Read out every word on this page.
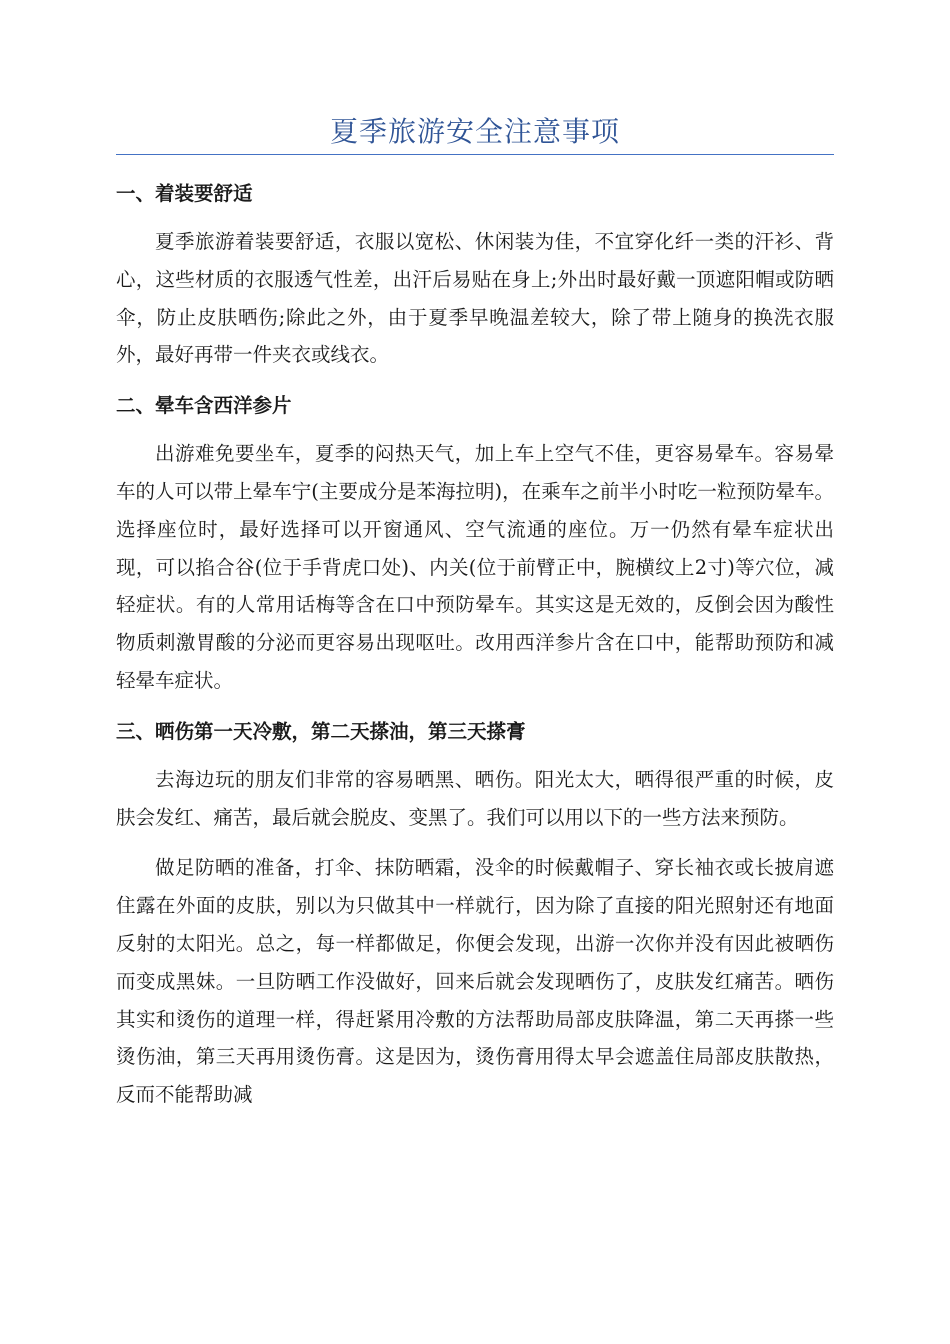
夏季旅游安全注意事项
一、着装要舒适

夏季旅游着装要舒适，衣服以宽松、休闲装为佳，不宜穿化纤一类的汗衫、背心，这些材质的衣服透气性差，出汗后易贴在身上;外出时最好戴一顶遮阳帽或防晒伞，防止皮肤晒伤;除此之外，由于夏季早晚温差较大，除了带上随身的换洗衣服外，最好再带一件夹衣或线衣。

二、晕车含西洋参片

出游难免要坐车，夏季的闷热天气，加上车上空气不佳，更容易晕车。容易晕车的人可以带上晕车宁(主要成分是苯海拉明)，在乘车之前半小时吃一粒预防晕车。选择座位时，最好选择可以开窗通风、空气流通的座位。万一仍然有晕车症状出现，可以掐合谷(位于手背虎口处)、内关(位于前臂正中，腕横纹上2寸)等穴位，减轻症状。有的人常用话梅等含在口中预防晕车。其实这是无效的，反倒会因为酸性物质刺激胃酸的分泌而更容易出现呕吐。改用西洋参片含在口中，能帮助预防和减轻晕车症状。

三、晒伤第一天冷敷，第二天搽油，第三天搽膏

去海边玩的朋友们非常的容易晒黑、晒伤。阳光太大，晒得很严重的时候，皮肤会发红、痛苦，最后就会脱皮、变黑了。我们可以用以下的一些方法来预防。

做足防晒的准备，打伞、抹防晒霜，没伞的时候戴帽子、穿长袖衣或长披肩遮住露在外面的皮肤，别以为只做其中一样就行，因为除了直接的阳光照射还有地面反射的太阳光。总之，每一样都做足，你便会发现，出游一次你并没有因此被晒伤而变成黑妹。一旦防晒工作没做好，回来后就会发现晒伤了，皮肤发红痛苦。晒伤其实和烫伤的道理一样，得赶紧用冷敷的方法帮助局部皮肤降温，第二天再搽一些烫伤油，第三天再用烫伤膏。这是因为，烫伤膏用得太早会遮盖住局部皮肤散热，反而不能帮助减
